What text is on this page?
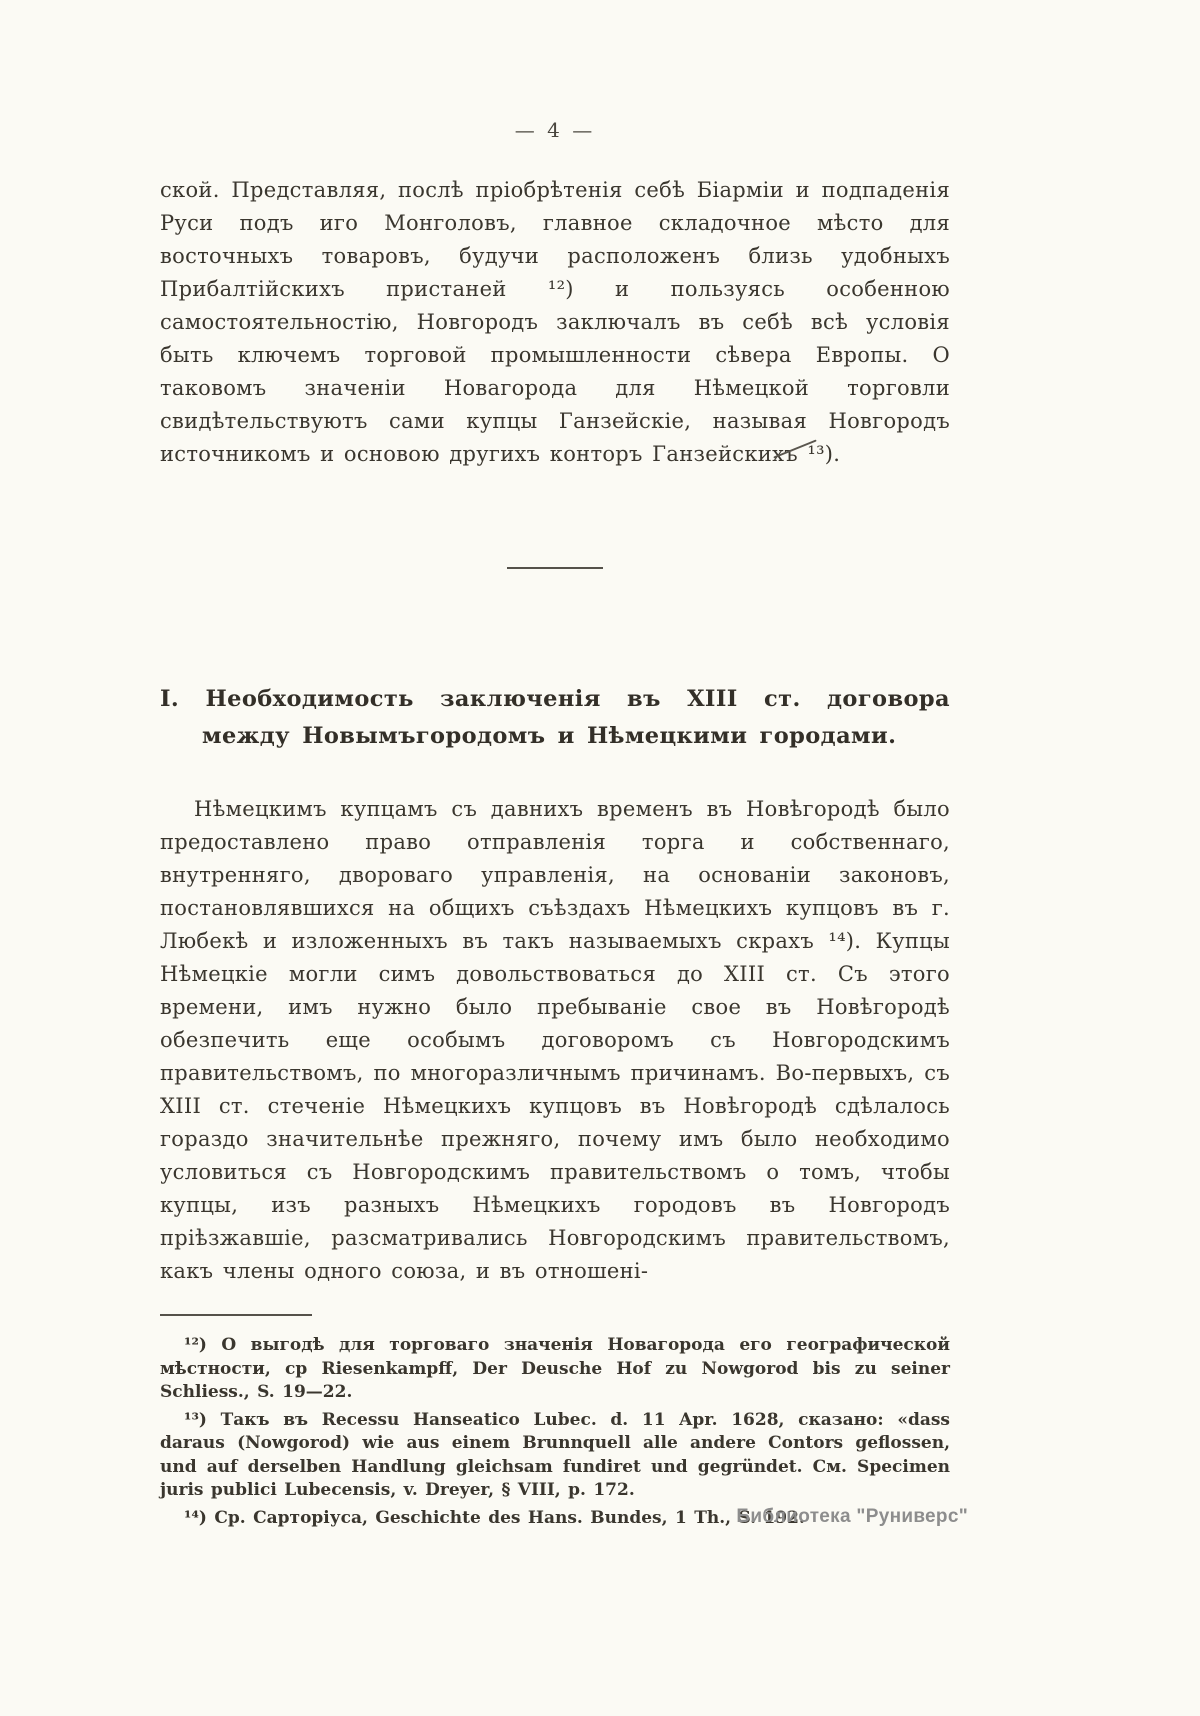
— 4 —

ской. Представляя, послѣ пріобрѣтенія себѣ Біарміи и подпаденія Руси подъ иго Монголовъ, главное складочное мѣсто для восточныхъ товаровъ, будучи расположенъ близь удобныхъ Прибалтійскихъ пристаней ¹²) и пользуясь особенною самостоятельностію, Новгородъ заключалъ въ себѣ всѣ условія быть ключемъ торговой промышленности сѣвера Европы. О таковомъ значеніи Новагорода для Нѣмецкой торговли свидѣтельствуютъ сами купцы Ганзейскіе, называя Новгородъ источникомъ и основою другихъ конторъ Ганзейскихъ ¹³).

I. Необходимость заключенія въ XIII ст. договора между Новымъгородомъ и Нѣмецкими городами.

Нѣмецкимъ купцамъ съ давнихъ временъ въ Новѣгородѣ было предоставлено право отправленія торга и собственнаго, внутренняго, двороваго управленія, на основаніи законовъ, постановлявшихся на общихъ съѣздахъ Нѣмецкихъ купцовъ въ г. Любекѣ и изложенныхъ въ такъ называемыхъ скрахъ ¹⁴). Купцы Нѣмецкіе могли симъ довольствоваться до XIII ст. Съ этого времени, имъ нужно было пребываніе свое въ Новѣгородѣ обезпечить еще особымъ договоромъ съ Новгородскимъ правительствомъ, по многоразличнымъ причинамъ. Во-первыхъ, съ XIII ст. стеченіе Нѣмецкихъ купцовъ въ Новѣгородѣ сдѣлалось гораздо значительнѣе прежняго, почему имъ было необходимо условиться съ Новгородскимъ правительствомъ о томъ, чтобы купцы, изъ разныхъ Нѣмецкихъ городовъ въ Новгородъ пріѣзжавшіе, разсматривались Новгородскимъ правительствомъ, какъ члены одного союза, и въ отношені-

¹²) О выгодѣ для торговаго значенія Новагорода его географической мѣстности, ср Riesenkampff, Der Deusche Hof zu Nowgorod bis zu seiner Schliess., S. 19—22.

¹³) Такъ въ Recessu Hanseatico Lubec. d. 11 Apr. 1628, сказано: «dass daraus (Nowgorod) wie aus einem Brunnquell alle andere Contors geflossen, und auf derselben Handlung gleichsam fundiret und gegründet. См. Specimen juris publici Lubecensis, v. Dreyer, § VIII, p. 172.

¹⁴) Ср. Сарторіуса, Geschichte des Hans. Bundes, 1 Th., S. 192.

Библиотека "Руниверс"
